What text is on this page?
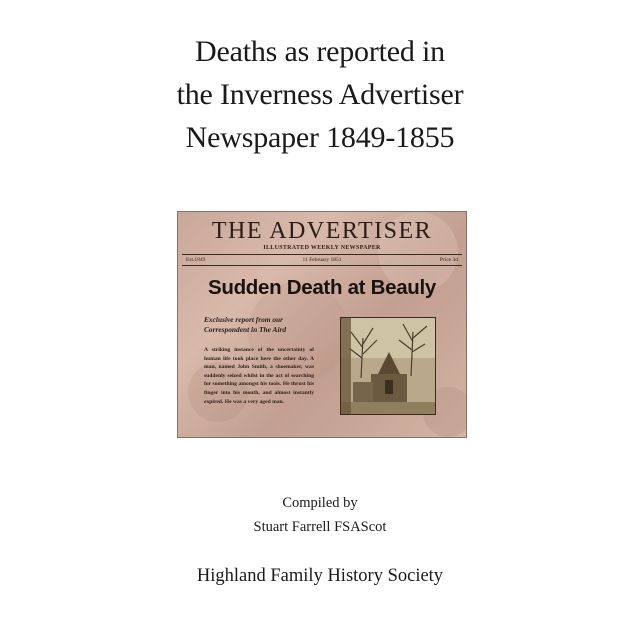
Deaths as reported in
the Inverness Advertiser
Newspaper 1849-1855
THE ADVERTISER
ILLUSTRATED WEEKLY NEWSPAPER
Est.1849	11 February 1851	Price 3d
Sudden Death at Beauly
Exclusive report from our
Correspondent in The Aird
A striking instance of the uncertainty of human life took place here the other day. A man, named John Smith, a shoemaker, was suddenly seized whilst in the act of searching for something amongst his tools. He thrust his finger into his mouth, and almost instantly expired. He was a very aged man.
Compiled by
Stuart Farrell FSAScot
Highland Family History Society
